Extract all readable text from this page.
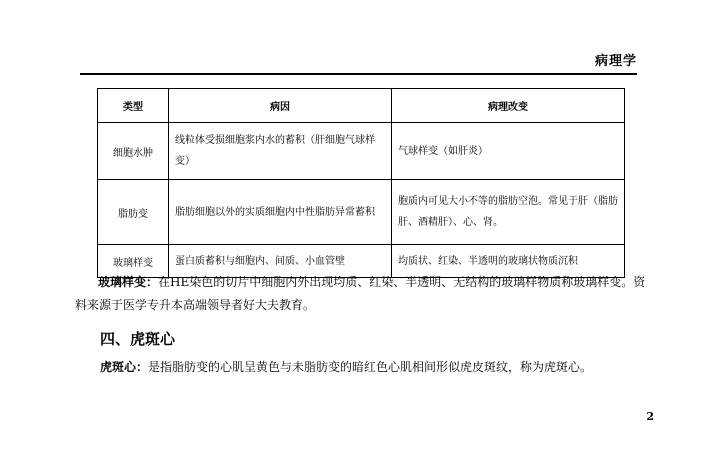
病理学
类型	病因	病理改变
细胞水肿	线粒体受损细胞浆内水的蓄积（肝细胞气球样变）	气球样变（如肝炎）
脂肪变	脂肪细胞以外的实质细胞内中性脂肪异常蓄积	胞质内可见大小不等的脂肪空泡。常见于肝（脂肪肝、酒精肝）、心、肾。
玻璃样变	蛋白质蓄积与细胞内、间质、小血管壁	均质状、红染、半透明的玻璃状物质沉积
玻璃样变：在HE染色的切片中细胞内外出现均质、红染、半透明、无结构的玻璃样物质称玻璃样变。资料来源于医学专升本高端领导者好大夫教育。
四、虎斑心
虎斑心：是指脂肪变的心肌呈黄色与未脂肪变的暗红色心肌相间形似虎皮斑纹，称为虎斑心。
2
